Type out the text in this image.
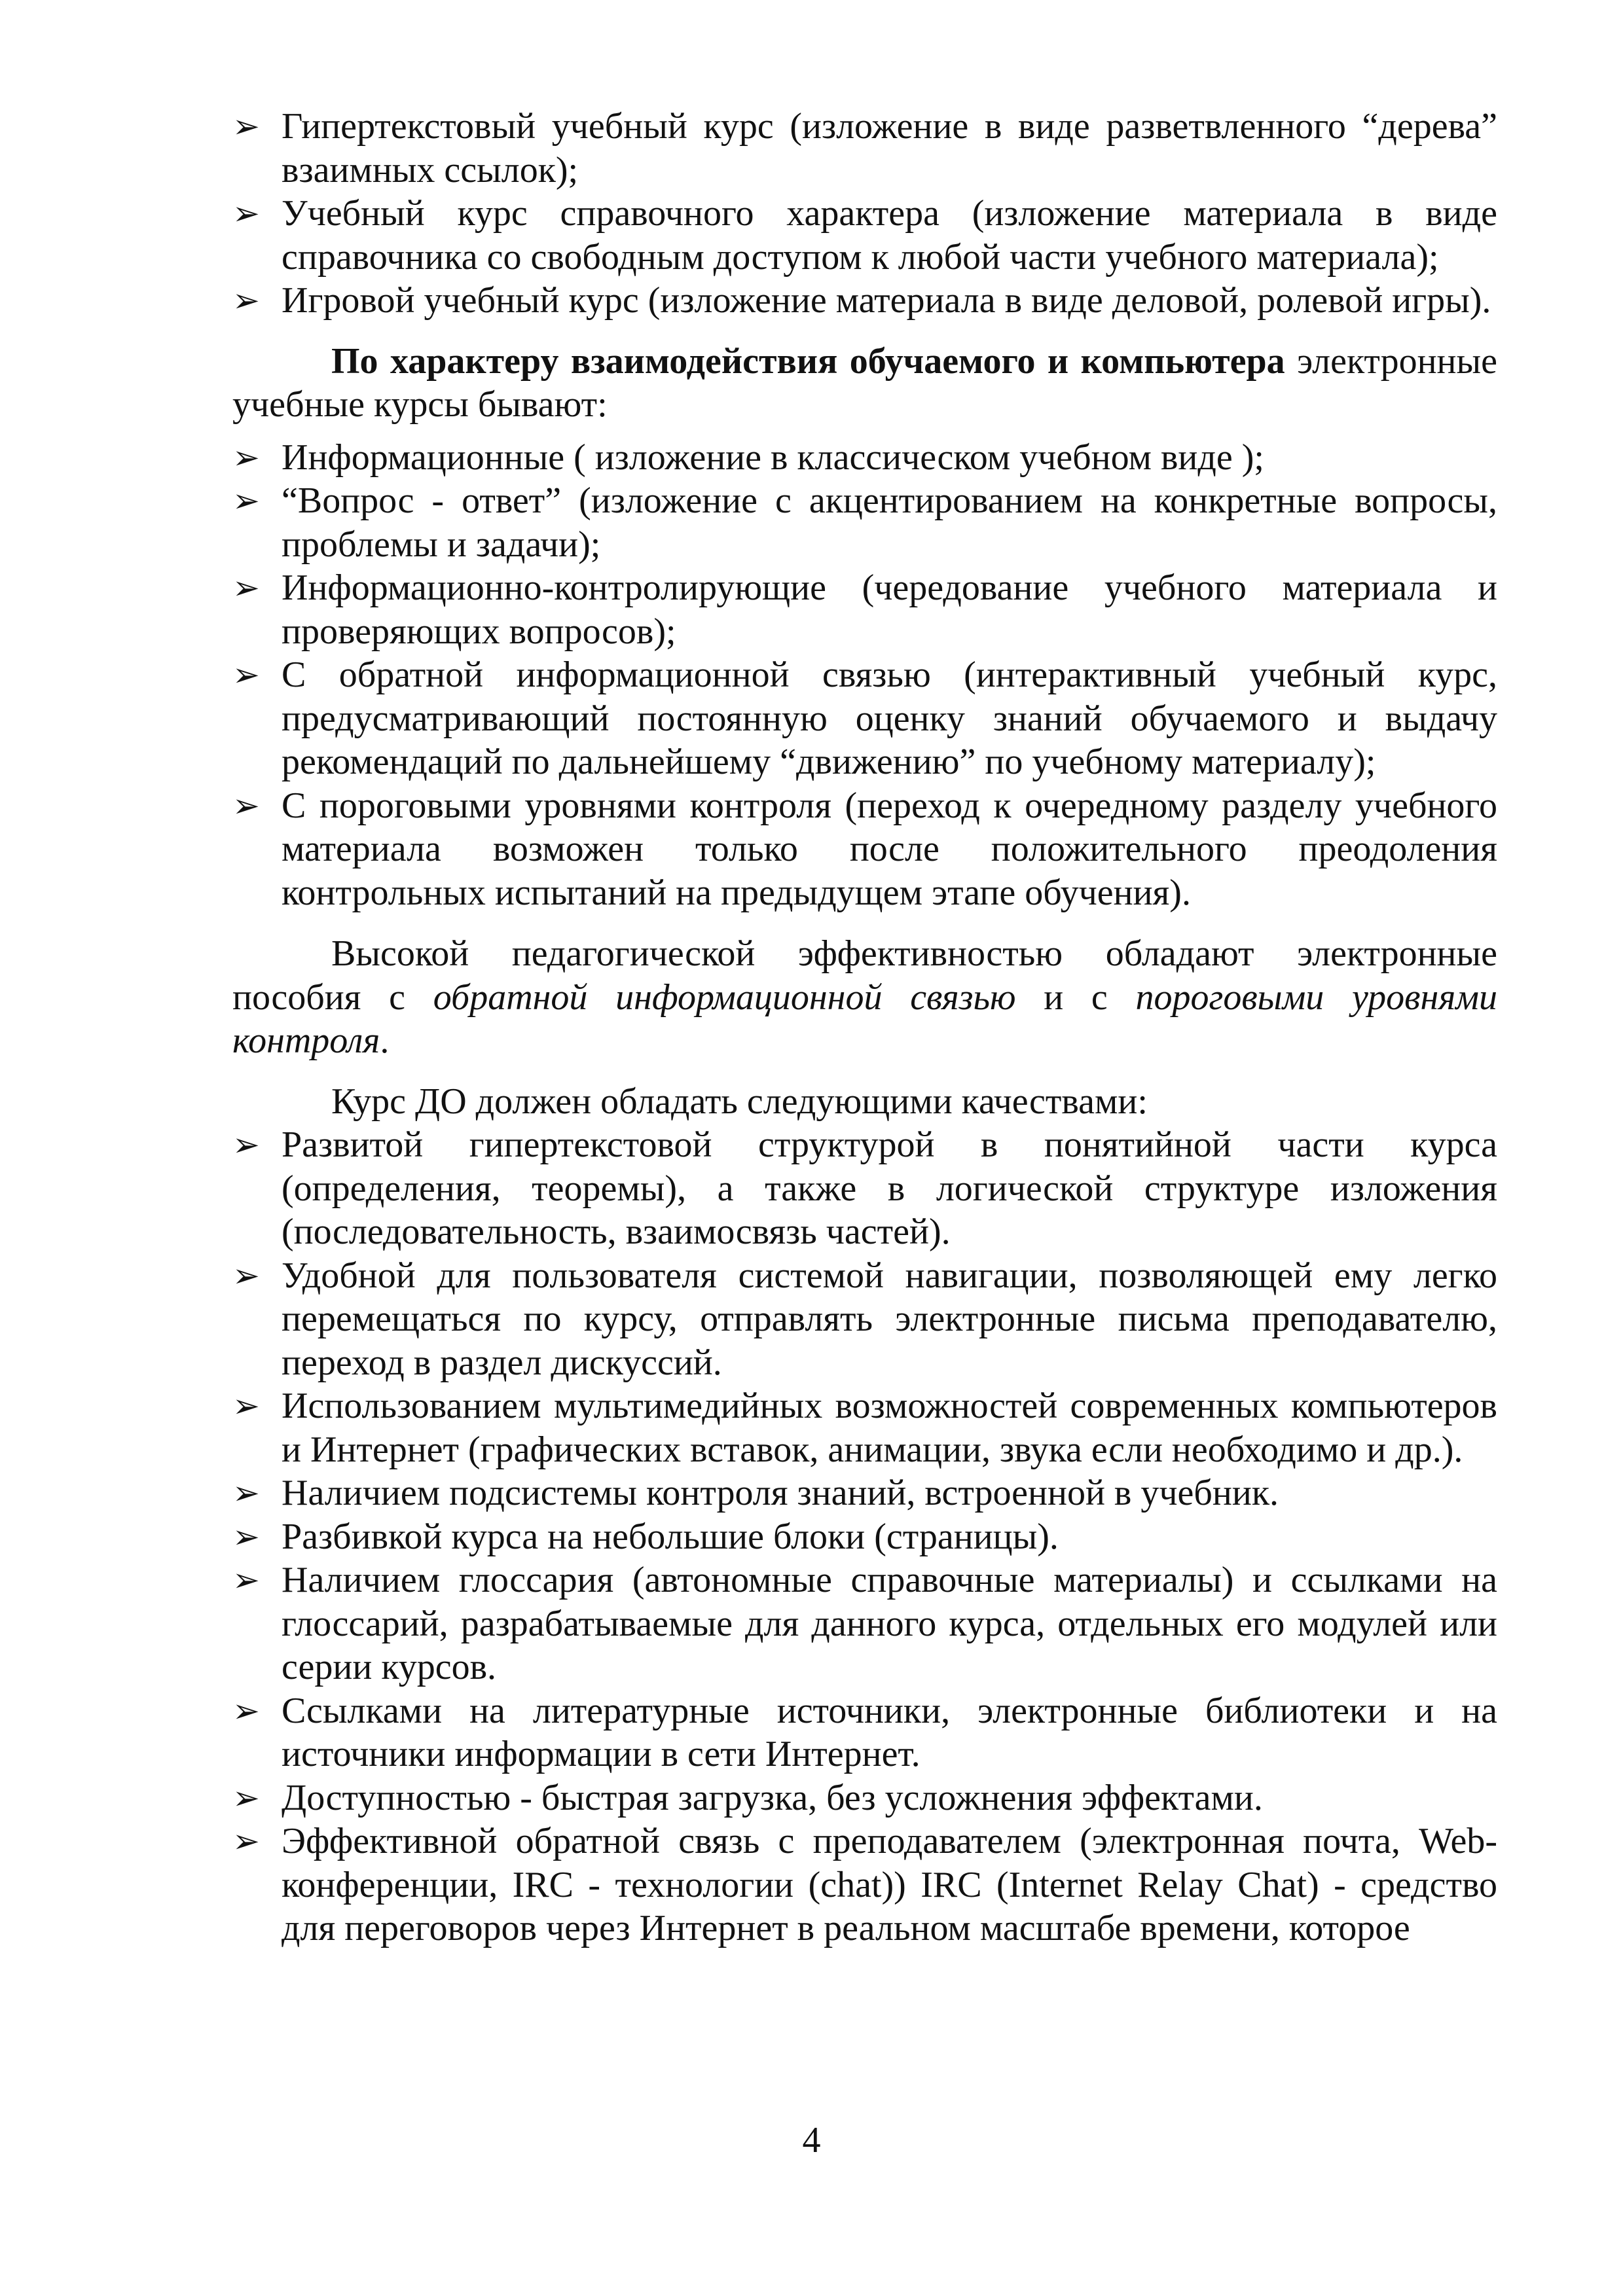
➢ Гипертекстовый учебный курс (изложение в виде разветвленного “дерева” взаимных ссылок);
➢ Учебный курс справочного характера (изложение материала в виде справочника со свободным доступом к любой части учебного материала);
➢ Игровой учебный курс (изложение материала в виде деловой, ролевой игры).
По характеру взаимодействия обучаемого и компьютера электронные учебные курсы бывают:
➢ Информационные ( изложение в классическом учебном виде );
➢ “Вопрос - ответ” (изложение с акцентированием на конкретные вопросы, проблемы и задачи);
➢ Информационно-контролирующие (чередование учебного материала и проверяющих вопросов);
➢ С обратной информационной связью (интерактивный учебный курс, предусматривающий постоянную оценку знаний обучаемого и выдачу рекомендаций по дальнейшему “движению” по учебному материалу);
➢ С пороговыми уровнями контроля (переход к очередному разделу учебного материала возможен только после положительного преодоления контрольных испытаний на предыдущем этапе обучения).
Высокой педагогической эффективностью обладают электронные пособия с обратной информационной связью и с пороговыми уровнями контроля.
Курс ДО должен обладать следующими качествами:
➢ Развитой гипертекстовой структурой в понятийной части курса (определения, теоремы), а также в логической структуре изложения (последовательность, взаимосвязь частей).
➢ Удобной для пользователя системой навигации, позволяющей ему легко перемещаться по курсу, отправлять электронные письма преподавателю, переход в раздел дискуссий.
➢ Использованием мультимедийных возможностей современных компьютеров и Интернет (графических вставок, анимации, звука если необходимо и др.).
➢ Наличием подсистемы контроля знаний, встроенной в учебник.
➢ Разбивкой курса на небольшие блоки (страницы).
➢ Наличием глоссария (автономные справочные материалы) и ссылками на глоссарий, разрабатываемые для данного курса, отдельных его модулей или серии курсов.
➢ Ссылками на литературные источники, электронные библиотеки и на источники информации в сети Интернет.
➢ Доступностью - быстрая загрузка, без усложнения эффектами.
➢ Эффективной обратной связь с преподавателем (электронная почта, Web-конференции, IRC - технологии (chat)) IRC (Internet Relay Chat) - средство для переговоров через Интернет в реальном масштабе времени, которое
4
